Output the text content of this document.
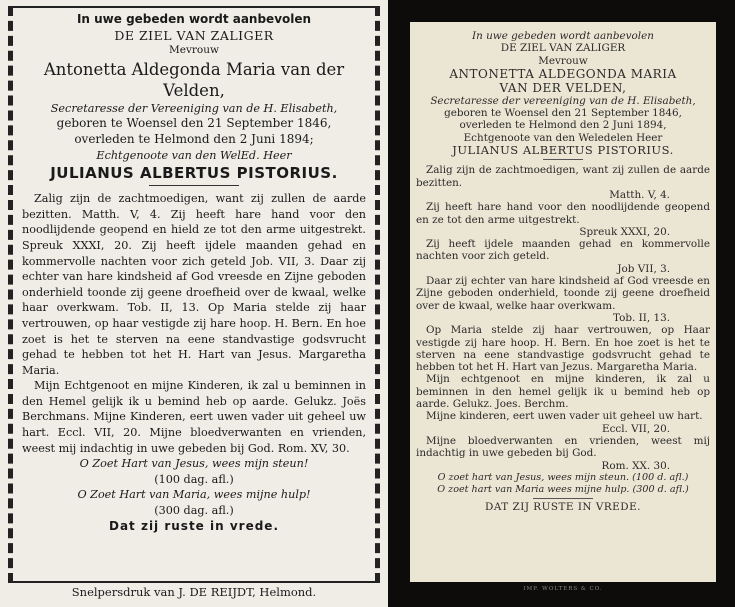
In uwe gebeden wordt aanbevolen
DE ZIEL VAN ZALIGER
Mevrouw
Antonetta Aldegonda Maria van der Velden,
Secretaresse der Vereeniging van de H. Elisabeth,
geboren te Woensel den 21 September 1846,
overleden te Helmond den 2 Juni 1894;
Echtgenoote van den WelEd. Heer
JULIANUS ALBERTUS PISTORIUS.
Zalig zijn de zachtmoedigen, want zij zullen de aarde bezitten. Matth. V, 4. Zij heeft hare hand voor den noodlijdende geopend en hield ze tot den arme uitgestrekt. Spreuk XXXI, 20. Zij heeft ijdele maanden gehad en kommervolle nachten voor zich geteld Job. VII, 3. Daar zij echter van hare kindsheid af God vreesde en Zijne geboden onderhield toonde zij geene droefheid over de kwaal, welke haar overkwam. Tob. II, 13. Op Maria stelde zij haar vertrouwen, op haar vestigde zij hare hoop. H. Bern. En hoe zoet is het te sterven na eene standvastige godsvrucht gehad te hebben tot het H. Hart van Jesus. Margaretha Maria.
Mijn Echtgenoot en mijne Kinderen, ik zal u beminnen in den Hemel gelijk ik u bemind heb op aarde. Gelukz. Joës Berchmans. Mijne Kinderen, eert uwen vader uit geheel uw hart. Eccl. VII, 20. Mijne bloedverwanten en vrienden, weest mij indachtig in uwe gebeden bij God. Rom. XV, 30.
O Zoet Hart van Jesus, wees mijn steun!
(100 dag. afl.)
O Zoet Hart van Maria, wees mijne hulp!
(300 dag. afl.)
Dat zij ruste in vrede.
Snelpersdruk van J. DE REIJDT, Helmond.
In uwe gebeden wordt aanbevolen
DE ZIEL VAN ZALIGER
Mevrouw
ANTONETTA ALDEGONDA MARIA
VAN DER VELDEN,
Secretaresse der vereeniging van de H. Elisabeth,
geboren te Woensel den 21 September 1846,
overleden te Helmond den 2 Juni 1894,
Echtgenoote van den Weledelen Heer
JULIANUS ALBERTUS PISTORIUS.
Zalig zijn de zachtmoedigen, want zij zullen de aarde bezitten.
Matth. V, 4.
Zij heeft hare hand voor den noodlijdende geopend en ze tot den arme uitgestrekt.
Spreuk XXXI, 20.
Zij heeft ijdele maanden gehad en kommervolle nachten voor zich geteld.
Job VII, 3.
Daar zij echter van hare kindsheid af God vreesde en Zijne geboden onderhield, toonde zij geene droefheid over de kwaal, welke haar overkwam.
Tob. II, 13.
Op Maria stelde zij haar vertrouwen, op Haar vestigde zij hare hoop. H. Bern. En hoe zoet is het te sterven na eene standvastige godsvrucht gehad te hebben tot het H. Hart van Jezus. Margaretha Maria.
Mijn echtgenoot en mijne kinderen, ik zal u beminnen in den hemel gelijk ik u bemind heb op aarde. Gelukz. Joes. Berchm.
Mijne kinderen, eert uwen vader uit geheel uw hart.
Eccl. VII, 20.
Mijne bloedverwanten en vrienden, weest mij indachtig in uwe gebeden bij God.
Rom. XX. 30.
O zoet hart van Jesus, wees mijn steun. (100 d. afl.)
O zoet hart van Maria wees mijne hulp. (300 d. afl.)
DAT ZIJ RUSTE IN VREDE.
IMP. WOLTERS & CO.
